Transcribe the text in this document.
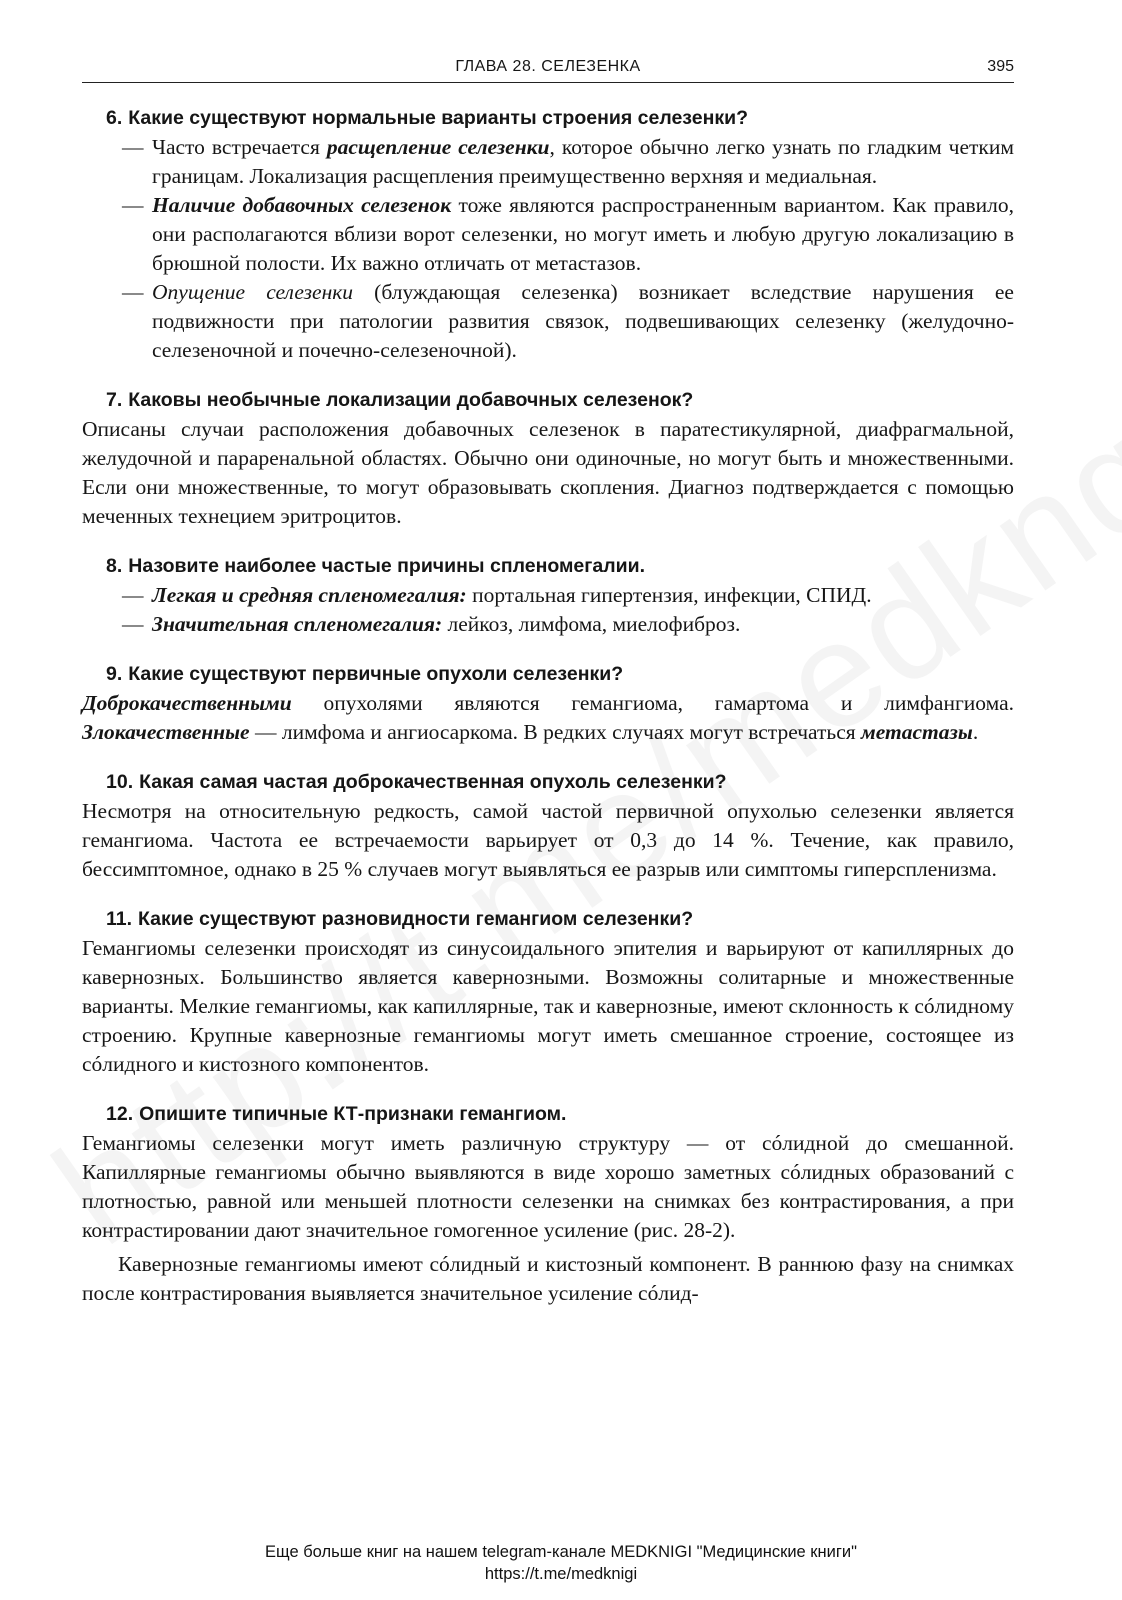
ГЛАВА 28. СЕЛЕЗЕНКА	395
6. Какие существуют нормальные варианты строения селезенки?
— Часто встречается расщепление селезенки, которое обычно легко узнать по гладким четким границам. Локализация расщепления преимущественно верхняя и медиальная.
— Наличие добавочных селезенок тоже являются распространенным вариантом. Как правило, они располагаются вблизи ворот селезенки, но могут иметь и любую другую локализацию в брюшной полости. Их важно отличать от метастазов.
— Опущение селезенки (блуждающая селезенка) возникает вследствие нарушения ее подвижности при патологии развития связок, подвешивающих селезенку (желудочно-селезеночной и почечно-селезеночной).
7. Каковы необычные локализации добавочных селезенок?

Описаны случаи расположения добавочных селезенок в паратестикулярной, диафрагмальной, желудочной и параренальной областях. Обычно они одиночные, но могут быть и множественными. Если они множественные, то могут образовывать скопления. Диагноз подтверждается с помощью меченных технецием эритроцитов.

8. Назовите наиболее частые причины спленомегалии.
— Легкая и средняя спленомегалия: портальная гипертензия, инфекции, СПИД.
— Значительная спленомегалия: лейкоз, лимфома, миелофиброз.
9. Какие существуют первичные опухоли селезенки?

Доброкачественными опухолями являются гемангиома, гамартома и лимфангиома. Злокачественные — лимфома и ангиосаркома. В редких случаях могут встречаться метастазы.

10. Какая самая частая доброкачественная опухоль селезенки?

Несмотря на относительную редкость, самой частой первичной опухолью селезенки является гемангиома. Частота ее встречаемости варьирует от 0,3 до 14 %. Течение, как правило, бессимптомное, однако в 25 % случаев могут выявляться ее разрыв или симптомы гиперспленизма.

11. Какие существуют разновидности гемангиом селезенки?

Гемангиомы селезенки происходят из синусоидального эпителия и варьируют от капиллярных до кавернозных. Большинство является кавернозными. Возможны солитарные и множественные варианты. Мелкие гемангиомы, как капиллярные, так и кавернозные, имеют склонность к сóлидному строению. Крупные кавернозные гемангиомы могут иметь смешанное строение, состоящее из сóлидного и кистозного компонентов.

12. Опишите типичные КТ-признаки гемангиом.

Гемангиомы селезенки могут иметь различную структуру — от сóлидной до смешанной. Капиллярные гемангиомы обычно выявляются в виде хорошо заметных сóлидных образований с плотностью, равной или меньшей плотности селезенки на снимках без контрастирования, а при контрастировании дают значительное гомогенное усиление (рис. 28-2).

Кавернозные гемангиомы имеют сóлидный и кистозный компонент. В раннюю фазу на снимках после контрастирования выявляется значительное усиление сóлид-

Еще больше книг на нашем telegram-канале MEDKNIGI "Медицинские книги"
https://t.me/medknigi
